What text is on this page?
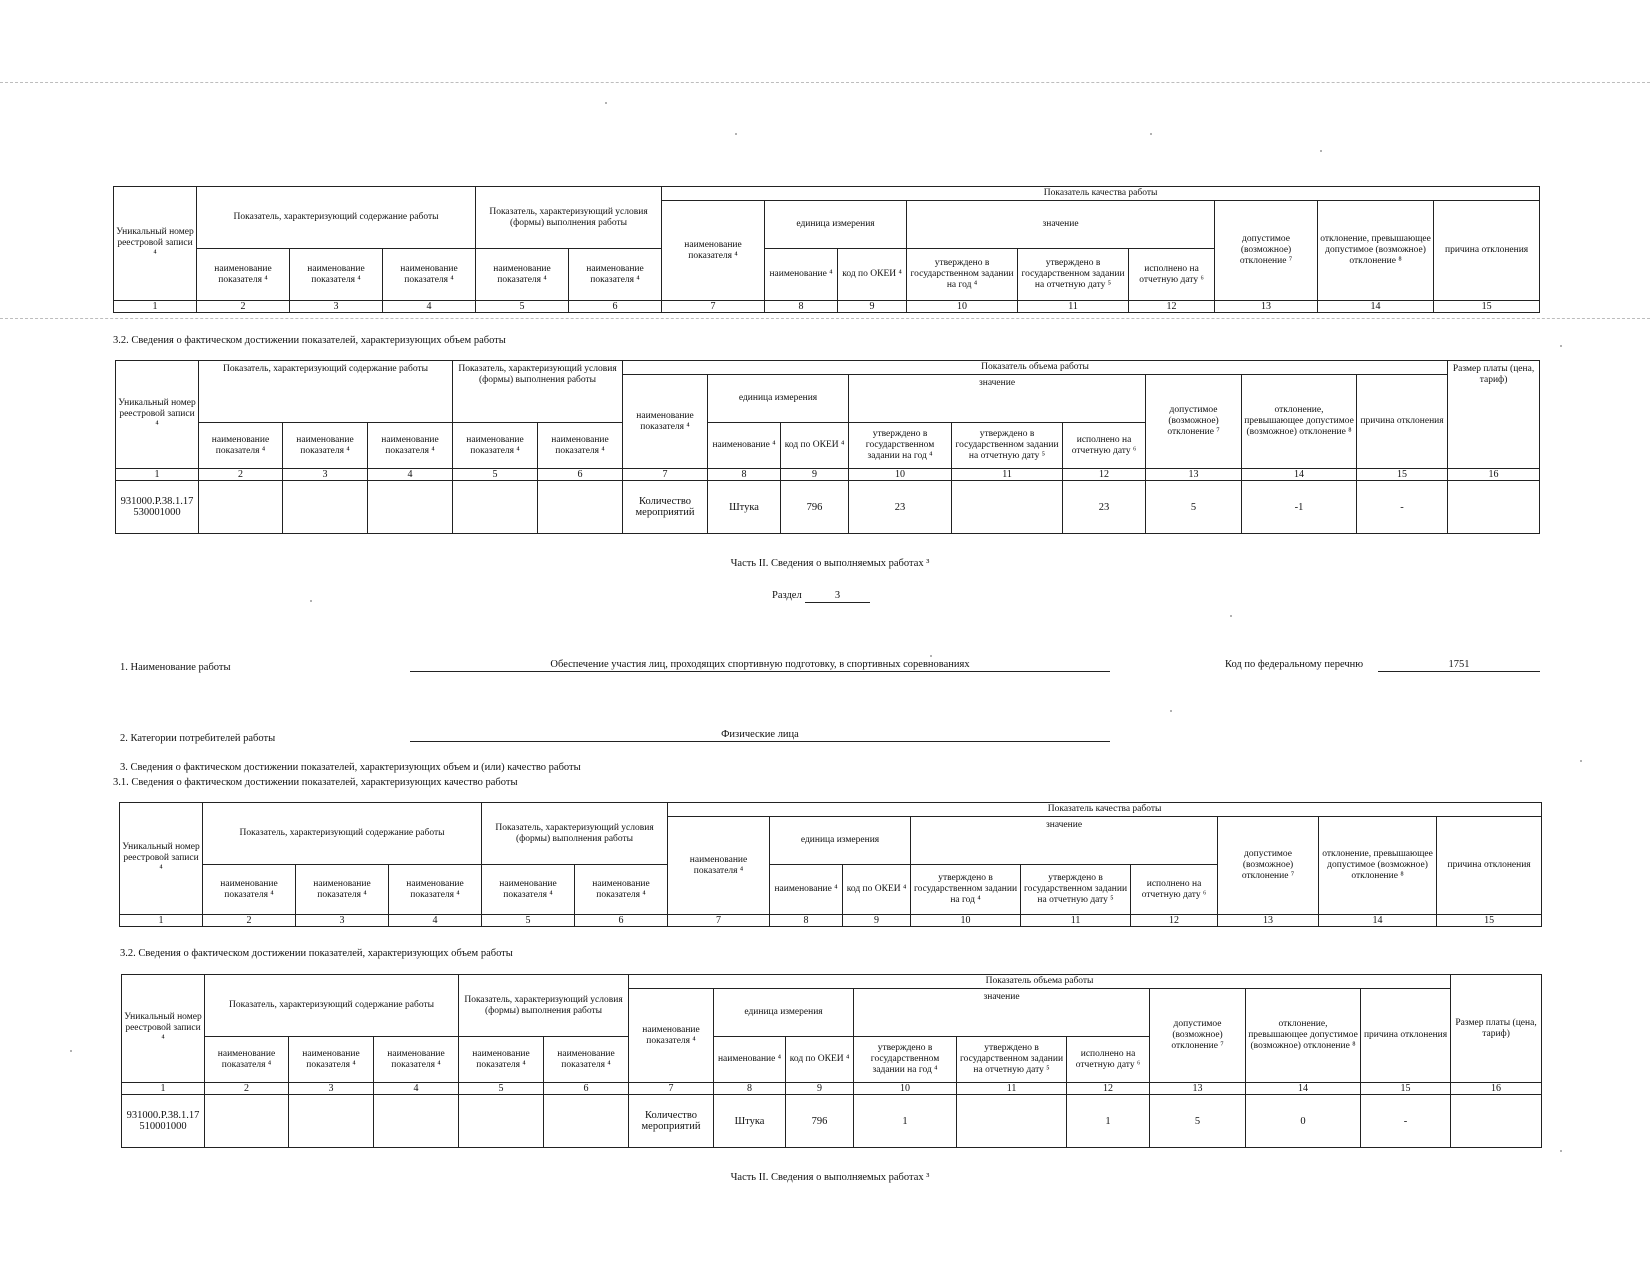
Уникальный номер реестровой записи ⁴	Показатель, характеризующий содержание работы			Показатель, характеризующий условия (формы) выполнения работы		Показатель качества работы								
						наименование показателя ⁴	единица измерения		значение			допустимое (возможное) отклонение ⁷	отклонение, превышающее допустимое (возможное) отклонение ⁸	причина отклонения
	наименование показателя ⁴	наименование показателя ⁴	наименование показателя ⁴	наименование показателя ⁴	наименование показателя ⁴		наименование ⁴	код по ОКЕИ ⁴	утверждено в государственном задании на год ⁴	утверждено в государственном задании на отчетную дату ⁵	исполнено на отчетную дату ⁶			
1	2	3	4	5	6	7	8	9	10	11	12	13	14	15
3.2. Сведения о фактическом достижении показателей, характеризующих объем работы
Уникальный номер реестровой записи ⁴	Показатель, характеризующий содержание работы			Показатель, характеризующий условия (формы) выполнения работы		Показатель объема работы									Размер платы (цена, тариф)
						наименование показателя ⁴	единица измерения		значение			допустимое (возможное) отклонение ⁷	отклонение, превышающее допустимое (возможное) отклонение ⁸	причина отклонения	
	наименование показателя ⁴	наименование показателя ⁴	наименование показателя ⁴	наименование показателя ⁴	наименование показателя ⁴		наименование ⁴	код по ОКЕИ ⁴	утверждено в государственном задании на год ⁴	утверждено в государственном задании на отчетную дату ⁵	исполнено на отчетную дату ⁶				
1	2	3	4	5	6	7	8	9	10	11	12	13	14	15	16
931000.Р.38.1.17 530001000						Количество мероприятий	Штука	796	23		23	5	-1	-	
Часть II. Сведения о выполняемых работах ³
Раздел	3
1. Наименование работы	Обеспечение участия лиц, проходящих спортивную подготовку, в спортивных соревнованиях	Код по федеральному перечню	1751
2. Категории потребителей работы	Физические лица
3. Сведения о фактическом достижении показателей, характеризующих объем и (или) качество работы
3.1. Сведения о фактическом достижении показателей, характеризующих качество работы
Уникальный номер реестровой записи ⁴	Показатель, характеризующий содержание работы			Показатель, характеризующий условия (формы) выполнения работы		Показатель качества работы								
						наименование показателя ⁴	единица измерения		значение			допустимое (возможное) отклонение ⁷	отклонение, превышающее допустимое (возможное) отклонение ⁸	причина отклонения
	наименование показателя ⁴	наименование показателя ⁴	наименование показателя ⁴	наименование показателя ⁴	наименование показателя ⁴		наименование ⁴	код по ОКЕИ ⁴	утверждено в государственном задании на год ⁴	утверждено в государственном задании на отчетную дату ⁵	исполнено на отчетную дату ⁶			
1	2	3	4	5	6	7	8	9	10	11	12	13	14	15
3.2. Сведения о фактическом достижении показателей, характеризующих объем работы
Уникальный номер реестровой записи ⁴	Показатель, характеризующий содержание работы			Показатель, характеризующий условия (формы) выполнения работы		Показатель объема работы									Размер платы (цена, тариф)
						наименование показателя ⁴	единица измерения		значение			допустимое (возможное) отклонение ⁷	отклонение, превышающее допустимое (возможное) отклонение ⁸	причина отклонения	
	наименование показателя ⁴	наименование показателя ⁴	наименование показателя ⁴	наименование показателя ⁴	наименование показателя ⁴		наименование ⁴	код по ОКЕИ ⁴	утверждено в государственном задании на год ⁴	утверждено в государственном задании на отчетную дату ⁵	исполнено на отчетную дату ⁶				
1	2	3	4	5	6	7	8	9	10	11	12	13	14	15	16
931000.Р.38.1.17 510001000						Количество мероприятий	Штука	796	1		1	5	0	-	
Часть II. Сведения о выполняемых работах ³
